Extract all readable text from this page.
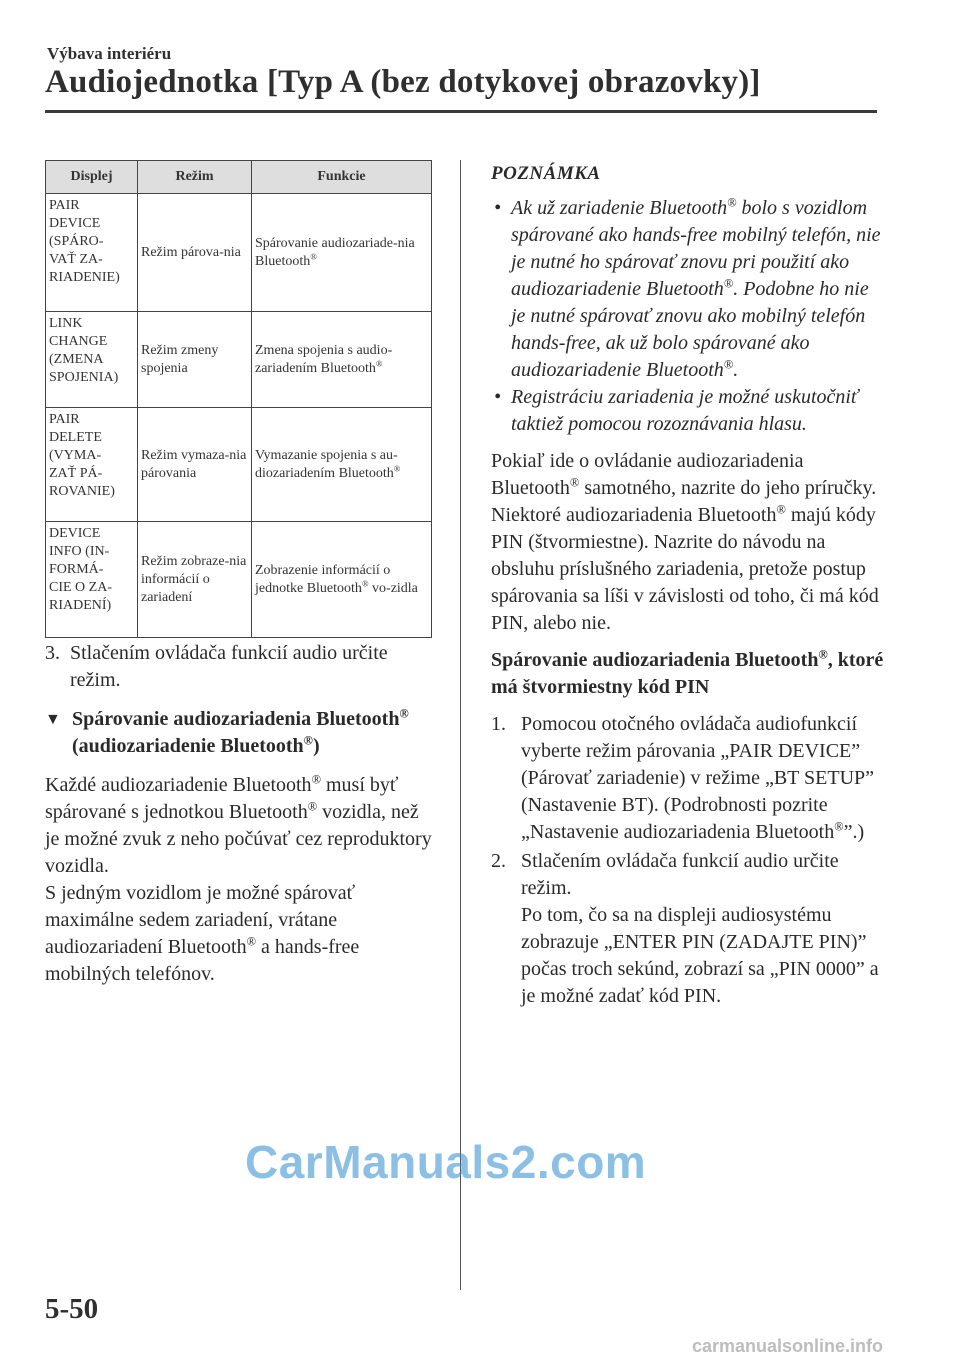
Výbava interiéru
Audiojednotka [Typ A (bez dotykovej obrazovky)]
Displej	Režim	Funkcie

PAIR
DEVICE
(SPÁRO-
VAŤ ZA-
RIADENIE)	Režim párova-nia	Spárovanie audiozariade-nia Bluetooth®

LINK
CHANGE
(ZMENA
SPOJENIA)	Režim zmeny spojenia	Zmena spojenia s audio-zariadením Bluetooth®

PAIR
DELETE
(VYMA-
ZAŤ PÁ-
ROVANIE)	Režim vymaza-nia párovania	Vymazanie spojenia s au-diozariadením Bluetooth®

DEVICE
INFO (IN-
FORMÁ-
CIE O ZA-
RIADENÍ)	Režim zobraze-nia informácií o zariadení	Zobrazenie informácií o jednotke Bluetooth® vo-zidla
3. Stlačením ovládača funkcií audio určite režim.
▼ Spárovanie audiozariadenia Bluetooth® (audiozariadenie Bluetooth®)

Každé audiozariadenie Bluetooth® musí byť spárované s jednotkou Bluetooth® vozidla, než je možné zvuk z neho počúvať cez reproduktory vozidla.
S jedným vozidlom je možné spárovať maximálne sedem zariadení, vrátane audiozariadení Bluetooth® a hands-free mobilných telefónov.

POZNÁMKA
• Ak už zariadenie Bluetooth® bolo s vozidlom spárované ako hands-free mobilný telefón, nie je nutné ho spárovať znovu pri použití ako audiozariadenie Bluetooth®. Podobne ho nie je nutné spárovať znovu ako mobilný telefón hands-free, ak už bolo spárované ako audiozariadenie Bluetooth®.
• Registráciu zariadenia je možné uskutočniť taktiež pomocou rozoznávania hlasu.
Pokiaľ ide o ovládanie audiozariadenia Bluetooth® samotného, nazrite do jeho príručky.
Niektoré audiozariadenia Bluetooth® majú kódy PIN (štvormiestne). Nazrite do návodu na obsluhu príslušného zariadenia, pretože postup spárovania sa líši v závislosti od toho, či má kód PIN, alebo nie.
Spárovanie audiozariadenia Bluetooth®, ktoré má štvormiestny kód PIN
1. Pomocou otočného ovládača audiofunkcií vyberte režim párovania „PAIR DEVICE” (Párovať zariadenie) v režime „BT SETUP” (Nastavenie BT). (Podrobnosti pozrite „Nastavenie audiozariadenia Bluetooth®”.)
2. Stlačením ovládača funkcií audio určite režim.
Po tom, čo sa na displeji audiosystému zobrazuje „ENTER PIN (ZADAJTE PIN)” počas troch sekúnd, zobrazí sa „PIN 0000” a je možné zadať kód PIN.
5-50
CarManuals2.com
carmanualsonline.info
